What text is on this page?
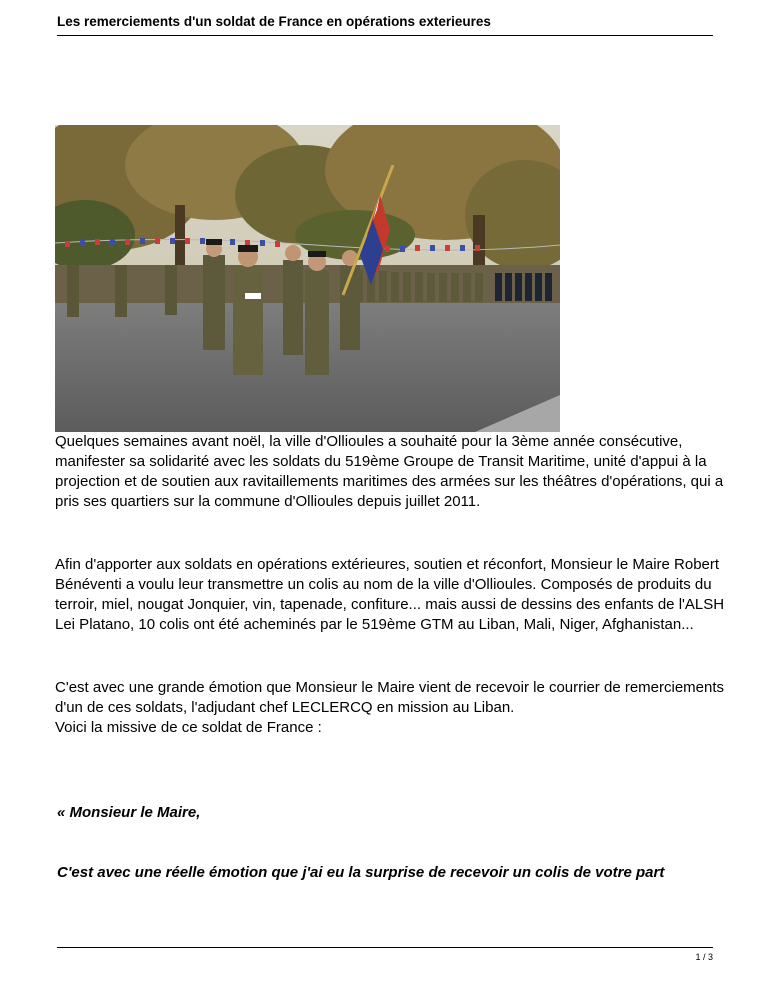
Les remerciements d'un soldat de France en opérations exterieures

Quelques semaines avant noël, la ville d'Ollioules a souhaité pour la 3ème année consécutive, manifester sa solidarité avec les soldats du 519ème Groupe de Transit Maritime, unité d'appui à la projection et de soutien aux ravitaillements maritimes des armées sur les théâtres d'opérations, qui a pris ses quartiers sur la commune d'Ollioules depuis juillet 2011.

Afin d'apporter aux soldats en opérations extérieures, soutien et réconfort, Monsieur le Maire Robert Bénéventi a voulu leur transmettre un colis au nom de la ville d'Ollioules. Composés de produits du terroir, miel, nougat Jonquier, vin, tapenade, confiture... mais aussi de dessins des enfants de l'ALSH Lei Platano, 10 colis ont été acheminés par le 519ème GTM au Liban, Mali, Niger, Afghanistan...

C'est avec une grande émotion que Monsieur le Maire vient de recevoir le courrier de remerciements d'un de ces soldats, l'adjudant chef LECLERCQ en mission au Liban.

Voici la missive de ce soldat de France :

« Monsieur le Maire,
C'est avec une réelle émotion que j'ai eu la surprise de recevoir un colis de votre part
1 / 3
